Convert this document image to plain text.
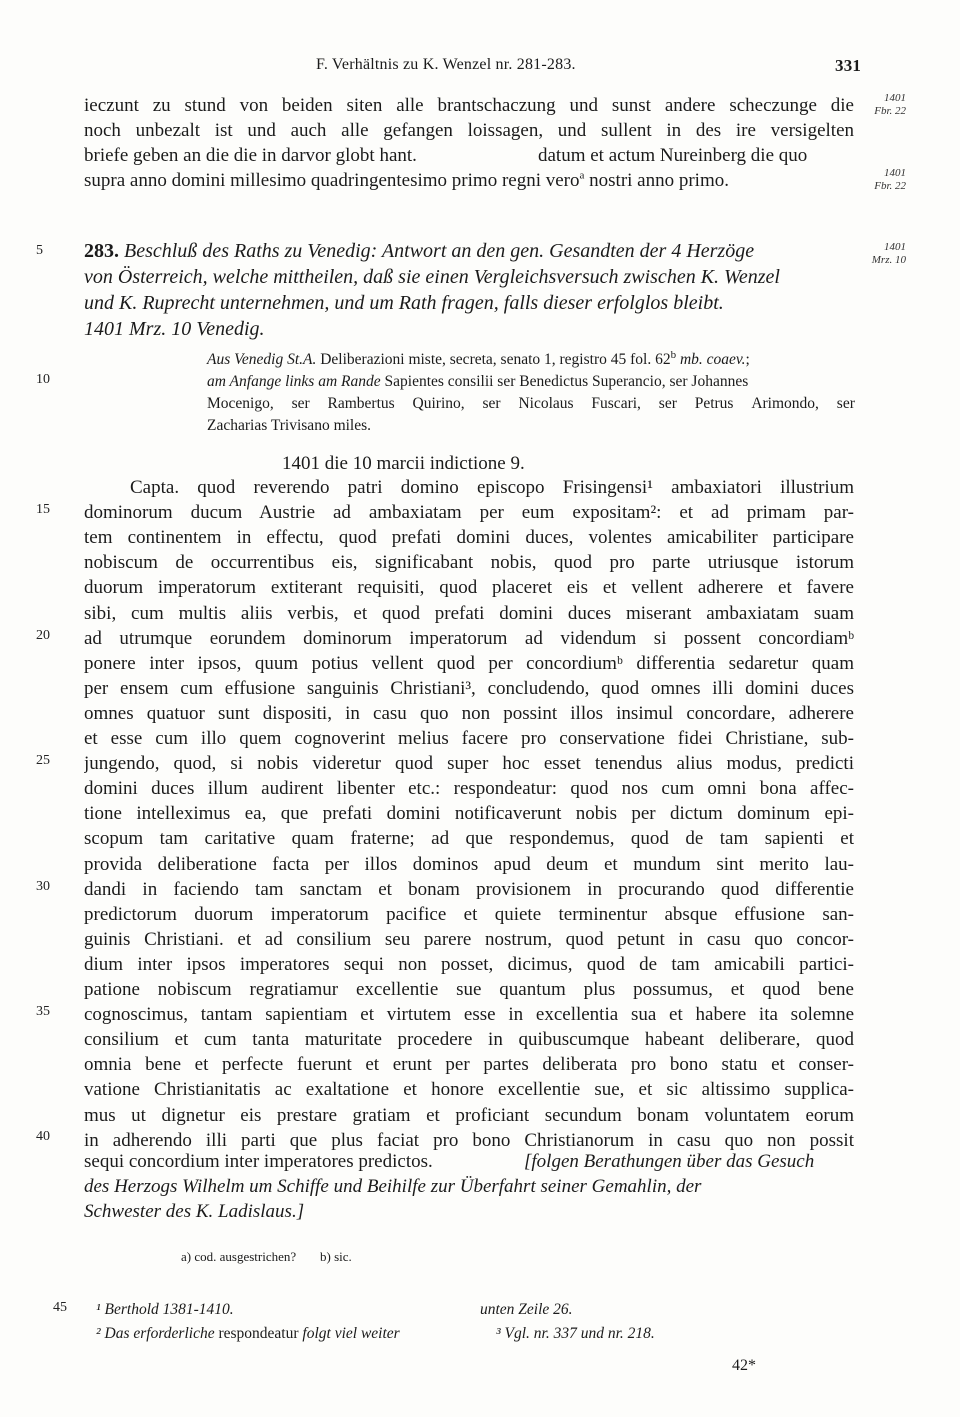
F. Verhältnis zu K. Wenzel nr. 281-283.	331
1401
Fbr. 22
1401
Fbr. 22
1401
Mrz. 10
ieczunt zu stund von beiden siten alle brantschaczung und sunst andere scheczunge die
noch unbezalt ist und auch alle gefangen loissagen, und sullent in des ire versigelten
briefe geben an die die in darvor globt hant.	datum et actum Nureinberg die quo
supra anno domini millesimo quadringentesimo primo regni vero$^a$ nostri anno primo.
5 283. Beschluß des Raths zu Venedig: Antwort an den gen. Gesandten der 4 Herzöge
von Österreich, welche mittheilen, daß sie einen Vergleichsversuch zwischen K. Wenzel
und K. Ruprecht unternehmen, und um Rath fragen, falls dieser erfolglos bleibt.
1401 Mrz. 10 Venedig.
Aus Venedig St.A. Deliberazioni miste, secreta, senato 1, registro 45 fol. 62$^b$ mb. coaev.;
10	am Anfange links am Rande Sapientes consilii ser Benedictus Superancio, ser Johannes
Mocenigo, ser Rambertus Quirino, ser Nicolaus Fuscari, ser Petrus Arimondo, ser
Zacharias Trivisano miles.
1401 die 10 marcii indictione 9.
Capta. quod reverendo patri domino episcopo Frisingensi¹ ambaxiatori illustrium
dominorum ducum Austrie ad ambaxiatam per eum expositam²: et ad primam par-
tem continentem in effectu, quod prefati domini duces, volentes amicabiliter participare
nobiscum de occurrentibus eis, significabant nobis, quod pro parte utriusque istorum
duorum imperatorum extiterant requisiti, quod placeret eis et vellent adherere et favere
sibi, cum multis aliis verbis, et quod prefati domini duces miserant ambaxiatam suam
ad utrumque eorundem dominorum imperatorum ad videndum si possent concordiamᵇ
ponere inter ipsos, quum potius vellent quod per concordiumᵇ differentia sedaretur quam
per ensem cum effusione sanguinis Christiani³, concludendo, quod omnes illi domini duces
omnes quatuor sunt dispositi, in casu quo non possint illos insimul concordare, adherere
et esse cum illo quem cognoverint melius facere pro conservatione fidei Christiane, sub-
jungendo, quod, si nobis videretur quod super hoc esset tenendus alius modus, predicti
domini duces illum audirent libenter etc.: respondeatur: quod nos cum omni bona affec-
tione intelleximus ea, que prefati domini notificaverunt nobis per dictum dominum epi-
scopum tam caritative quam fraterne; ad que respondemus, quod de tam sapienti et
provida deliberatione facta per illos dominos apud deum et mundum sint merito lau-
dandi in faciendo tam sanctam et bonam provisionem in procurando quod differentie
predictorum duorum imperatorum pacifice et quiete terminentur absque effusione san-
guinis Christiani. et ad consilium seu parere nostrum, quod petunt in casu quo concor-
dium inter ipsos imperatores sequi non posset, dicimus, quod de tam amicabili partici-
patione nobiscum regratiamur excellentie sue quantum plus possumus, et quod bene
cognoscimus, tantam sapientiam et virtutem esse in excellentia sua et habere ita solemne
consilium et cum tanta maturitate procedere in quibuscumque habeant deliberare, quod
omnia bene et perfecte fuerunt et erunt per partes deliberata pro bono statu et conser-
vatione Christianitatis ac exaltatione et honore excellentie sue, et sic altissimo supplica-
mus ut dignetur eis prestare gratiam et proficiant secundum bonam voluntatem eorum
in adherendo illi parti que plus faciat pro bono Christianorum in casu quo non possit
15
20
25
30
35
40
sequi concordium inter imperatores predictos.	[folgen Berathungen über das Gesuch
des Herzogs Wilhelm um Schiffe und Beihilfe zur Überfahrt seiner Gemahlin, der
Schwester des K. Ladislaus.]
a) cod. ausgestrichen? b) sic.
45 ¹ Berthold 1381-1410.	unten Zeile 26.
² Das erforderliche respondeatur folgt viel weiter	³ Vgl. nr. 337 und nr. 218.
42*
